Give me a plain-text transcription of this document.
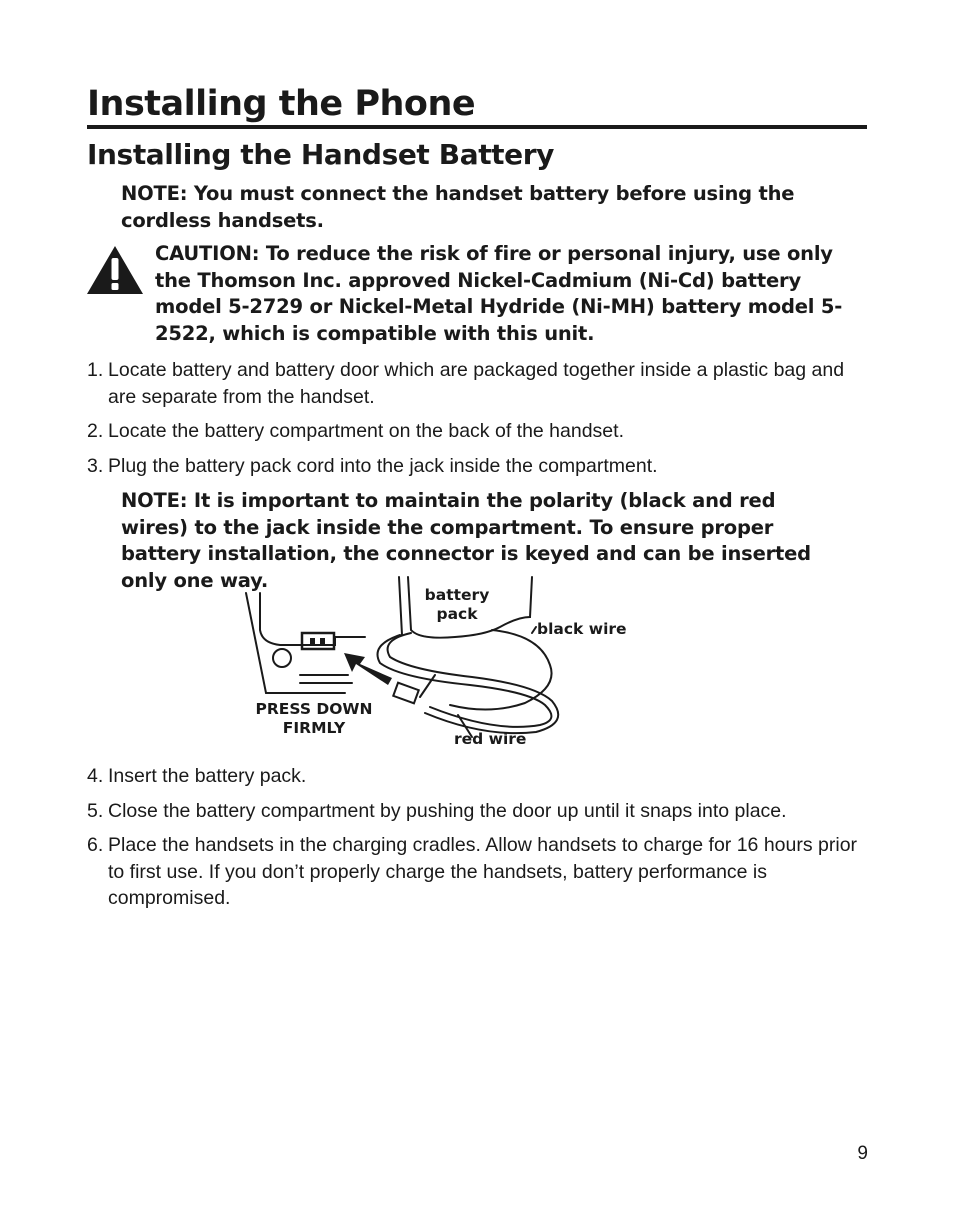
Installing the Phone
Installing the Handset Battery

NOTE: You must connect the handset battery before using the cordless handsets.

CAUTION: To reduce the risk of fire or personal injury, use only the Thomson Inc. approved Nickel-Cadmium (Ni-Cd) battery model 5-2729 or Nickel-Metal Hydride (Ni-MH) battery model 5-2522, which is compatible with this unit.

1. Locate battery and battery door which are packaged together inside a plastic bag and are separate from the handset.
2. Locate the battery compartment on the back of the handset.
3. Plug the battery pack cord into the jack inside the compartment.

NOTE: It is important to maintain the polarity (black and red wires) to the jack inside the compartment. To ensure proper battery installation, the connector is keyed and can be inserted only one way.

battery pack
black wire
PRESS DOWN FIRMLY
red wire
4. Insert the battery pack.
5. Close the battery compartment by pushing the door up until it snaps into place.
6. Place the handsets in the charging cradles. Allow handsets to charge for 16 hours prior to first use. If you don’t properly charge the handsets, battery performance is compromised.
9
